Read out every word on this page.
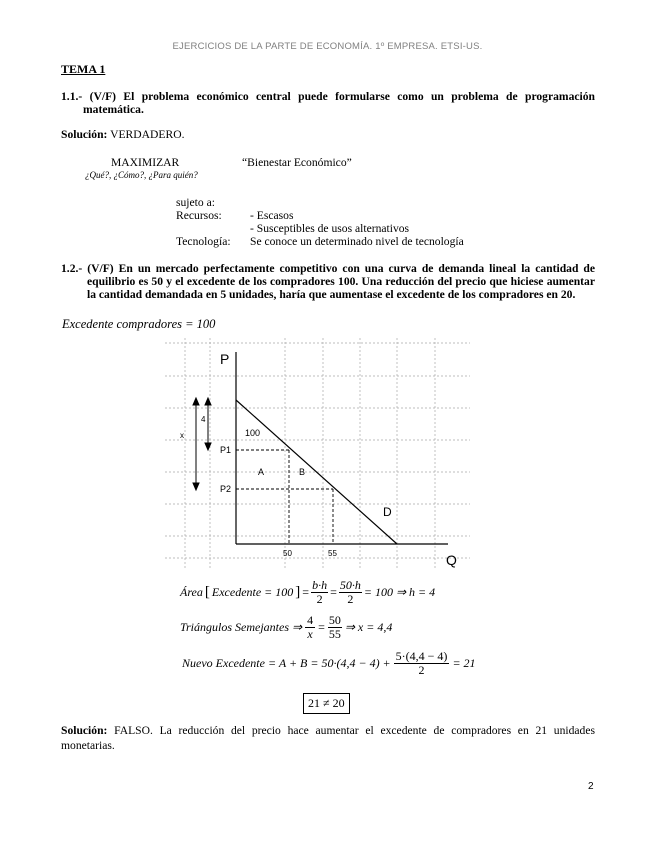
EJERCICIOS DE LA PARTE DE ECONOMÍA. 1º EMPRESA. ETSI-US.
TEMA 1
1.1.- (V/F) El problema económico central puede formularse como un problema de programación
matemática.
Solución: VERDADERO.
MAXIMIZAR	“Bienestar Económico”
¿Qué?, ¿Cómo?, ¿Para quién?
sujeto a:
Recursos: - Escasos
- Susceptibles de usos alternativos
Tecnología: Se conoce un determinado nivel de tecnología
1.2.- (V/F) En un mercado perfectamente competitivo con una curva de demanda lineal la cantidad de
equilibrio es 50 y el excedente de los compradores 100. Una reducción del precio que hiciese aumentar
la cantidad demandada en 5 unidades, haría que aumentase el excedente de los compradores en 20.
Excedente compradores = 100
P
Q
P1
P2
100
A	B
D
4
x
50	55
Área [ Excedente = 100 ] = $\frac{b\cdot h}{2} = \frac{50\cdot h}{2} = 100$ ⇒ h = 4
Triángulos Semejantes ⇒ $\frac{4}{x} = \frac{50}{55}$ ⇒ x = 4,4
Nuevo Excedente = $A + B = 50\cdot(4,4 - 4) + \frac{5\cdot(4,4 - 4)}{2} = 21$
21 ≠ 20
Solución: FALSO. La reducción del precio hace aumentar el excedente de compradores en 21 unidades
monetarias.
2
